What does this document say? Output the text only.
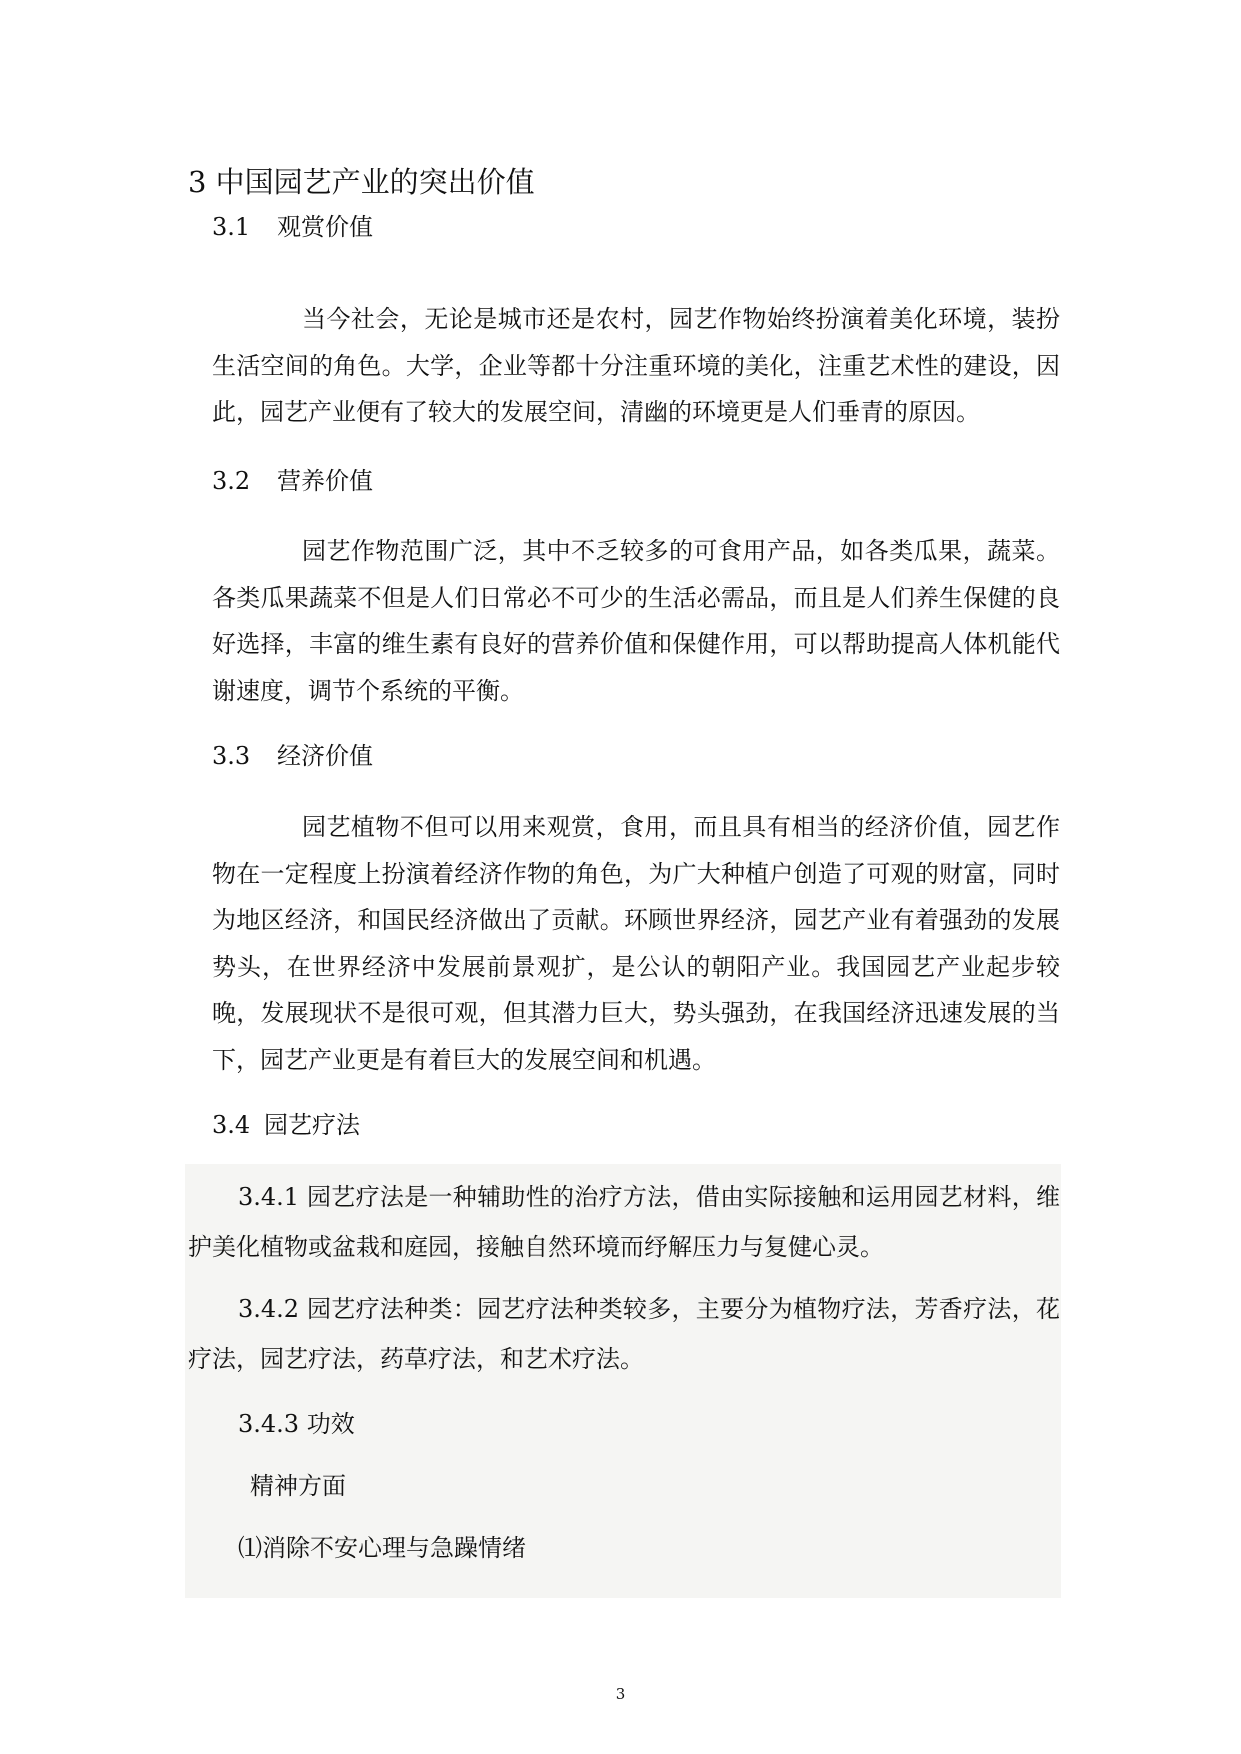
3 中国园艺产业的突出价值
3.1 观赏价值
当今社会，无论是城市还是农村，园艺作物始终扮演着美化环境，装扮生活空间的角色。大学，企业等都十分注重环境的美化，注重艺术性的建设，因此，园艺产业便有了较大的发展空间，清幽的环境更是人们垂青的原因。
3.2 营养价值
园艺作物范围广泛，其中不乏较多的可食用产品，如各类瓜果，蔬菜。各类瓜果蔬菜不但是人们日常必不可少的生活必需品，而且是人们养生保健的良好选择，丰富的维生素有良好的营养价值和保健作用，可以帮助提高人体机能代谢速度，调节个系统的平衡。
3.3 经济价值
园艺植物不但可以用来观赏，食用，而且具有相当的经济价值，园艺作物在一定程度上扮演着经济作物的角色，为广大种植户创造了可观的财富，同时为地区经济，和国民经济做出了贡献。环顾世界经济，园艺产业有着强劲的发展势头，在世界经济中发展前景观扩，是公认的朝阳产业。我国园艺产业起步较晚，发展现状不是很可观，但其潜力巨大，势头强劲，在我国经济迅速发展的当下，园艺产业更是有着巨大的发展空间和机遇。
3.4 园艺疗法
3.4.1 园艺疗法是一种辅助性的治疗方法，借由实际接触和运用园艺材料，维护美化植物或盆栽和庭园，接触自然环境而纾解压力与复健心灵。
3.4.2 园艺疗法种类：园艺疗法种类较多，主要分为植物疗法，芳香疗法，花疗法，园艺疗法，药草疗法，和艺术疗法。
3.4.3 功效
精神方面
⑴消除不安心理与急躁情绪
3
